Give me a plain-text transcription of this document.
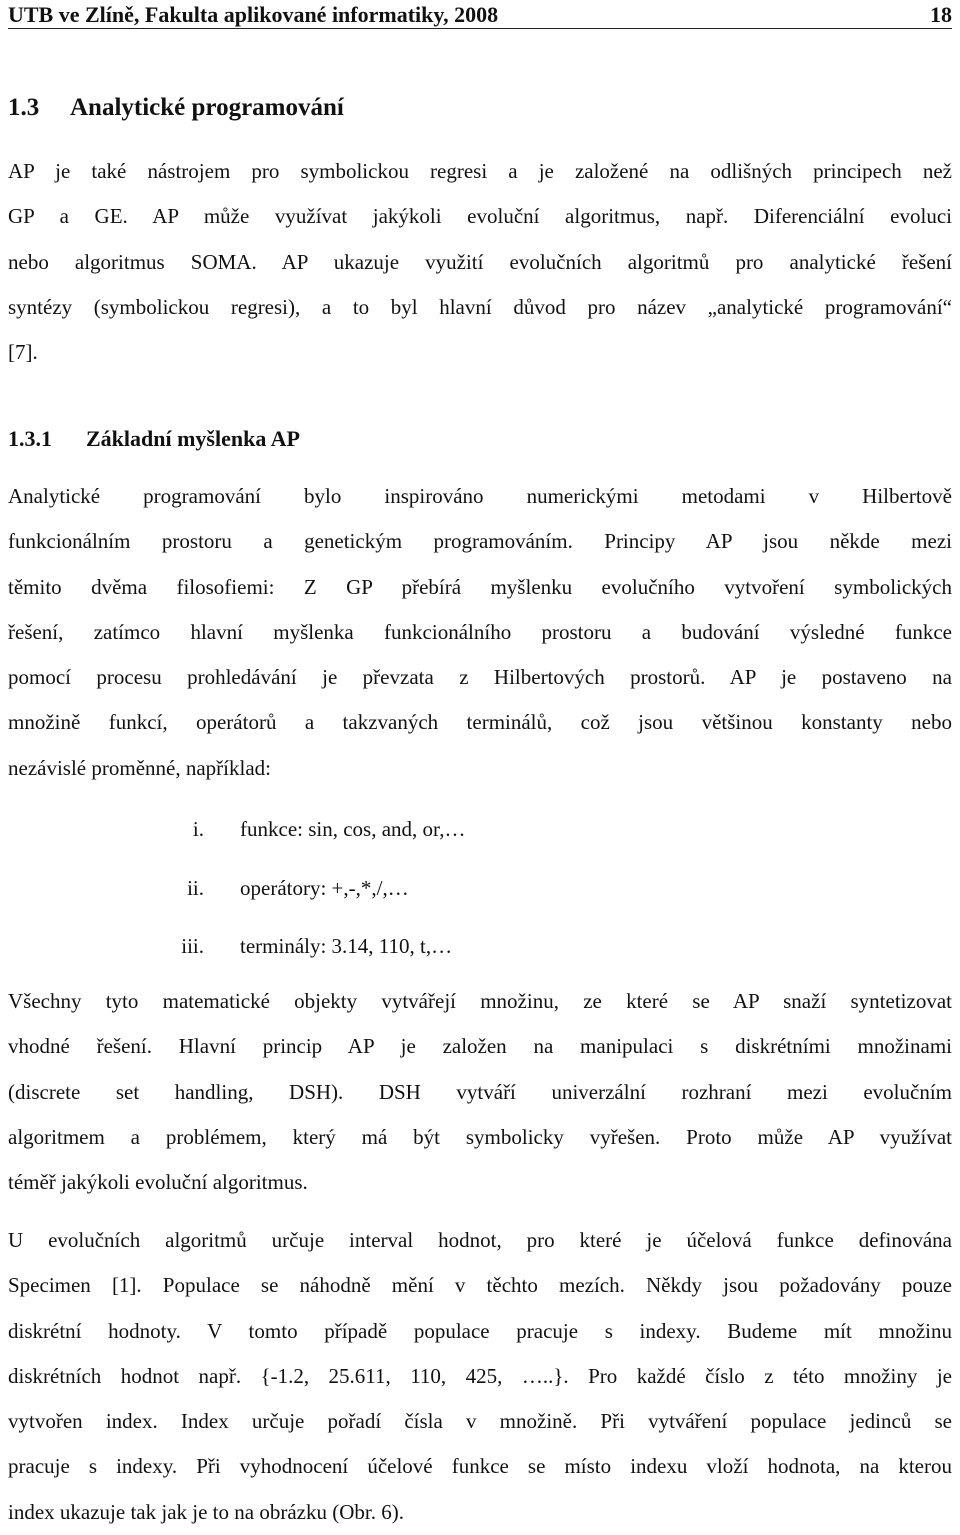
UTB ve Zlíně, Fakulta aplikované informatiky, 2008	18
1.3 Analytické programování
AP je také nástrojem pro symbolickou regresi a je založené na odlišných principech než
GP a GE. AP může využívat jakýkoli evoluční algoritmus, např. Diferenciální evoluci
nebo algoritmus SOMA. AP ukazuje využití evolučních algoritmů pro analytické řešení
syntézy (symbolickou regresi), a to byl hlavní důvod pro název „analytické programování“
[7].
1.3.1 Základní myšlenka AP
Analytické programování bylo inspirováno numerickými metodami v Hilbertově
funkcionálním prostoru a genetickým programováním. Principy AP jsou někde mezi
těmito dvěma filosofiemi: Z GP přebírá myšlenku evolučního vytvoření symbolických
řešení, zatímco hlavní myšlenka funkcionálního prostoru a budování výsledné funkce
pomocí procesu prohledávání je převzata z Hilbertových prostorů. AP je postaveno na
množině funkcí, operátorů a takzvaných terminálů, což jsou většinou konstanty nebo
nezávislé proměnné, například:
i. funkce: sin, cos, and, or,…
ii. operátory: +,-,*,/,…
iii. terminály: 3.14, 110, t,…
Všechny tyto matematické objekty vytvářejí množinu, ze které se AP snaží syntetizovat
vhodné řešení. Hlavní princip AP je založen na manipulaci s diskrétními množinami
(discrete set handling, DSH). DSH vytváří univerzální rozhraní mezi evolučním
algoritmem a problémem, který má být symbolicky vyřešen. Proto může AP využívat
téměř jakýkoli evoluční algoritmus.
U evolučních algoritmů určuje interval hodnot, pro které je účelová funkce definována
Specimen [1]. Populace se náhodně mění v těchto mezích. Někdy jsou požadovány pouze
diskrétní hodnoty. V tomto případě populace pracuje s indexy. Budeme mít množinu
diskrétních hodnot např. {-1.2, 25.611, 110, 425, …..}. Pro každé číslo z této množiny je
vytvořen index. Index určuje pořadí čísla v množině. Při vytváření populace jedinců se
pracuje s indexy. Při vyhodnocení účelové funkce se místo indexu vloží hodnota, na kterou
index ukazuje tak jak je to na obrázku (Obr. 6).
